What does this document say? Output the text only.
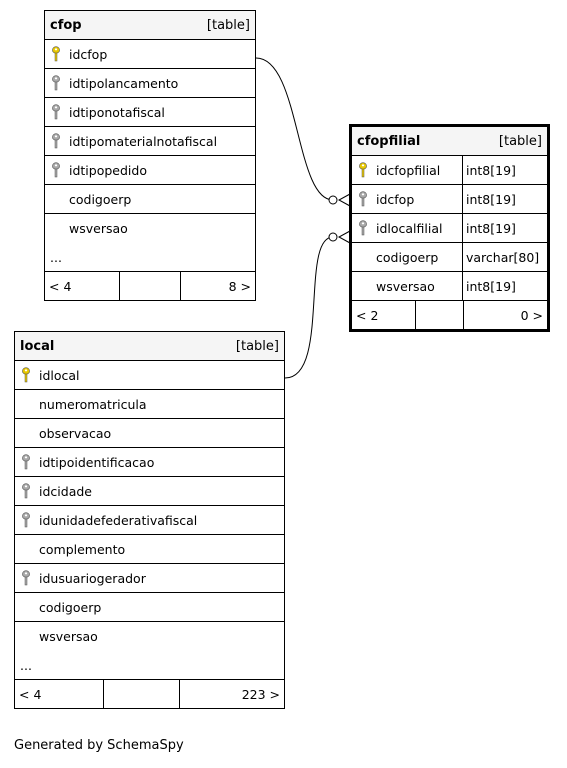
cfop	[table]
idcfop
idtipolancamento
idtiponotafiscal
idtipomaterialnotafiscal
idtipopedido
codigoerp
wsversao
...
< 4	8 >
cfopfilial	[table]
idcfopfilial int8[19]
idcfop	int8[19]
idlocalfilial int8[19]
codigoerp varchar[80]
wsversao int8[19]
< 2	0 >
local	[table]
idlocal
numeromatricula
observacao
idtipoidentificacao
idcidade
idunidadefederativafiscal
complemento
idusuariogerador
codigoerp
wsversao
...
< 4	223 >
Generated by SchemaSpy
